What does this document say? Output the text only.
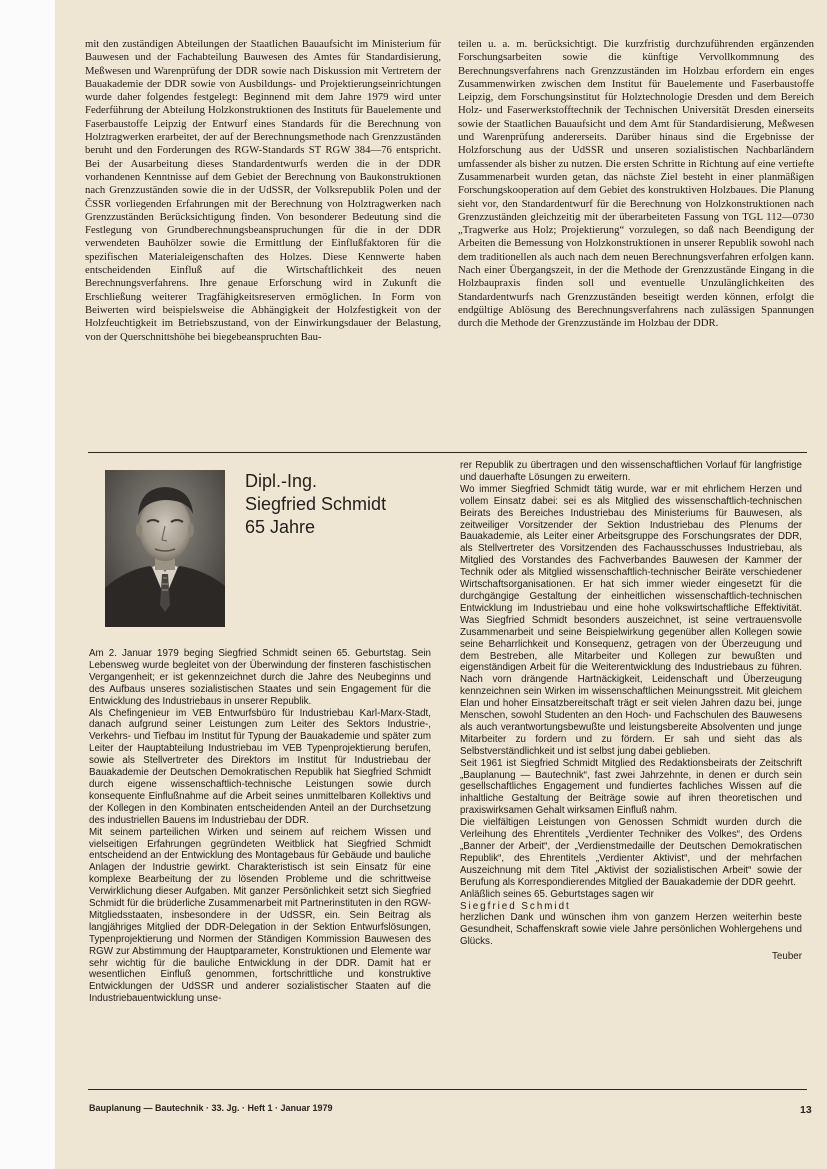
mit den zuständigen Abteilungen der Staatlichen Bauaufsicht im Ministerium für Bauwesen und der Fachabteilung Bauwesen des Amtes für Standardisierung, Meßwesen und Warenprüfung der DDR sowie nach Diskussion mit Vertretern der Bauakademie der DDR sowie von Ausbildungs- und Projektierungseinrichtungen wurde daher folgendes festgelegt: Beginnend mit dem Jahre 1979 wird unter Federführung der Abteilung Holzkonstruktionen des Instituts für Bauelemente und Faserbaustoffe Leipzig der Entwurf eines Standards für die Berechnung von Holztragwerken erarbeitet, der auf der Berechnungsmethode nach Grenzzuständen beruht und den Forderungen des RGW-Standards ST RGW 384—76 entspricht. Bei der Ausarbeitung dieses Standardentwurfs werden die in der DDR vorhandenen Kenntnisse auf dem Gebiet der Berechnung von Baukonstruktionen nach Grenzzuständen sowie die in der UdSSR, der Volksrepublik Polen und der ČSSR vorliegenden Erfahrungen mit der Berechnung von Holztragwerken nach Grenzzuständen Berücksichtigung finden. Von besonderer Bedeutung sind die Festlegung von Grundberechnungsbeanspruchungen für die in der DDR verwendeten Bauhölzer sowie die Ermittlung der Einflußfaktoren für die spezifischen Materialeigenschaften des Holzes. Diese Kennwerte haben entscheidenden Einfluß auf die Wirtschaftlichkeit des neuen Berechnungsverfahrens. Ihre genaue Erforschung wird in Zukunft die Erschließung weiterer Tragfähigkeitsreserven ermöglichen. In Form von Beiwerten wird beispielsweise die Abhängigkeit der Holzfestigkeit von der Holzfeuchtigkeit im Betriebszustand, von der Einwirkungsdauer der Belastung, von der Querschnittshöhe bei biegebeanspruchten Bau-

teilen u. a. m. berücksichtigt. Die kurzfristig durchzuführenden ergänzenden Forschungsarbeiten sowie die künftige Vervollkommnung des Berechnungsverfahrens nach Grenzzuständen im Holzbau erfordern ein enges Zusammenwirken zwischen dem Institut für Bauelemente und Faserbaustoffe Leipzig, dem Forschungsinstitut für Holztechnologie Dresden und dem Bereich Holz- und Faserwerkstofftechnik der Technischen Universität Dresden einerseits sowie der Staatlichen Bauaufsicht und dem Amt für Standardisierung, Meßwesen und Warenprüfung andererseits. Darüber hinaus sind die Ergebnisse der Holzforschung aus der UdSSR und unseren sozialistischen Nachbarländern umfassender als bisher zu nutzen. Die ersten Schritte in Richtung auf eine vertiefte Zusammenarbeit wurden getan, das nächste Ziel besteht in einer planmäßigen Forschungskooperation auf dem Gebiet des konstruktiven Holzbaues. Die Planung sieht vor, den Standardentwurf für die Berechnung von Holzkonstruktionen nach Grenzzuständen gleichzeitig mit der überarbeiteten Fassung von TGL 112—0730 „Tragwerke aus Holz; Projektierung“ vorzulegen, so daß nach Beendigung der Arbeiten die Bemessung von Holzkonstruktionen in unserer Republik sowohl nach dem traditionellen als auch nach dem neuen Berechnungsverfahren erfolgen kann. Nach einer Übergangszeit, in der die Methode der Grenzzustände Eingang in die Holzbaupraxis finden soll und eventuelle Unzulänglichkeiten des Standardentwurfs nach Grenzzuständen beseitigt werden können, erfolgt die endgültige Ablösung des Berechnungsverfahrens nach zulässigen Spannungen durch die Methode der Grenzzustände im Holzbau der DDR.

Dipl.-Ing.
Siegfried Schmidt
65 Jahre

Am 2. Januar 1979 beging Siegfried Schmidt seinen 65. Geburtstag. Sein Lebensweg wurde begleitet von der Überwindung der finsteren faschistischen Vergangenheit; er ist gekennzeichnet durch die Jahre des Neubeginns und des Aufbaus unseres sozialistischen Staates und sein Engagement für die Entwicklung des Industriebaus in unserer Republik.

Als Chefingenieur im VEB Entwurfsbüro für Industriebau Karl-Marx-Stadt, danach aufgrund seiner Leistungen zum Leiter des Sektors Industrie-, Verkehrs- und Tiefbau im Institut für Typung der Bauakademie und später zum Leiter der Hauptabteilung Industriebau im VEB Typenprojektierung berufen, sowie als Stellvertreter des Direktors im Institut für Industriebau der Bauakademie der Deutschen Demokratischen Republik hat Siegfried Schmidt durch eigene wissenschaftlich-technische Leistungen sowie durch konsequente Einflußnahme auf die Arbeit seines unmittelbaren Kollektivs und der Kollegen in den Kombinaten entscheidenden Anteil an der Durchsetzung des industriellen Bauens im Industriebau der DDR.

Mit seinem parteilichen Wirken und seinem auf reichem Wissen und vielseitigen Erfahrungen gegründeten Weitblick hat Siegfried Schmidt entscheidend an der Entwicklung des Montagebaus für Gebäude und bauliche Anlagen der Industrie gewirkt. Charakteristisch ist sein Einsatz für eine komplexe Bearbeitung der zu lösenden Probleme und die schrittweise Verwirklichung dieser Aufgaben. Mit ganzer Persönlichkeit setzt sich Siegfried Schmidt für die brüderliche Zusammenarbeit mit Partnerinstituten in den RGW-Mitgliedsstaaten, insbesondere in der UdSSR, ein. Sein Beitrag als langjähriges Mitglied der DDR-Delegation in der Sektion Entwurfslösungen, Typenprojektierung und Normen der Ständigen Kommission Bauwesen des RGW zur Abstimmung der Hauptparameter, Konstruktionen und Elemente war sehr wichtig für die bauliche Entwicklung in der DDR. Damit hat er wesentlichen Einfluß genommen, fortschrittliche und konstruktive Entwicklungen der UdSSR und anderer sozialistischer Staaten auf die Industriebauentwicklung unse-

rer Republik zu übertragen und den wissenschaftlichen Vorlauf für langfristige und dauerhafte Lösungen zu erweitern.

Wo immer Siegfried Schmidt tätig wurde, war er mit ehrlichem Herzen und vollem Einsatz dabei: sei es als Mitglied des wissenschaftlich-technischen Beirats des Bereiches Industriebau des Ministeriums für Bauwesen, als zeitweiliger Vorsitzender der Sektion Industriebau des Plenums der Bauakademie, als Leiter einer Arbeitsgruppe des Forschungsrates der DDR, als Stellvertreter des Vorsitzenden des Fachausschusses Industriebau, als Mitglied des Vorstandes des Fachverbandes Bauwesen der Kammer der Technik oder als Mitglied wissenschaftlich-technischer Beiräte verschiedener Wirtschaftsorganisationen. Er hat sich immer wieder eingesetzt für die durchgängige Gestaltung der einheitlichen wissenschaftlich-technischen Entwicklung im Industriebau und eine hohe volkswirtschaftliche Effektivität. Was Siegfried Schmidt besonders auszeichnet, ist seine vertrauensvolle Zusammenarbeit und seine Beispielwirkung gegenüber allen Kollegen sowie seine Beharrlichkeit und Konsequenz, getragen von der Überzeugung und dem Bestreben, alle Mitarbeiter und Kollegen zur bewußten und eigenständigen Arbeit für die Weiterentwicklung des Industriebaus zu führen. Nach vorn drängende Hartnäckigkeit, Leidenschaft und Überzeugung kennzeichnen sein Wirken im wissenschaftlichen Meinungsstreit. Mit gleichem Elan und hoher Einsatzbereitschaft trägt er seit vielen Jahren dazu bei, junge Menschen, sowohl Studenten an den Hoch- und Fachschulen des Bauwesens als auch verantwortungsbewußte und leistungsbereite Absolventen und junge Mitarbeiter zu fordern und zu fördern. Er sah und sieht das als Selbstverständlichkeit und ist selbst jung dabei geblieben.

Seit 1961 ist Siegfried Schmidt Mitglied des Redaktionsbeirats der Zeitschrift „Bauplanung — Bautechnik“, fast zwei Jahrzehnte, in denen er durch sein gesellschaftliches Engagement und fundiertes fachliches Wissen auf die inhaltliche Gestaltung der Beiträge sowie auf ihren theoretischen und praxiswirksamen Gehalt wirksamen Einfluß nahm.

Die vielfältigen Leistungen von Genossen Schmidt wurden durch die Verleihung des Ehrentitels „Verdienter Techniker des Volkes“, des Ordens „Banner der Arbeit“, der „Verdienstmedaille der Deutschen Demokratischen Republik“, des Ehrentitels „Verdienter Aktivist“, und der mehrfachen Auszeichnung mit dem Titel „Aktivist der sozialistischen Arbeit“ sowie der Berufung als Korrespondierendes Mitglied der Bauakademie der DDR geehrt.

Anläßlich seines 65. Geburtstages sagen wir

Siegfried Schmidt

herzlichen Dank und wünschen ihm von ganzem Herzen weiterhin beste Gesundheit, Schaffenskraft sowie viele Jahre persönlichen Wohlergehens und Glücks.

Teuber

Bauplanung — Bautechnik · 33. Jg. · Heft 1 · Januar 1979	13
